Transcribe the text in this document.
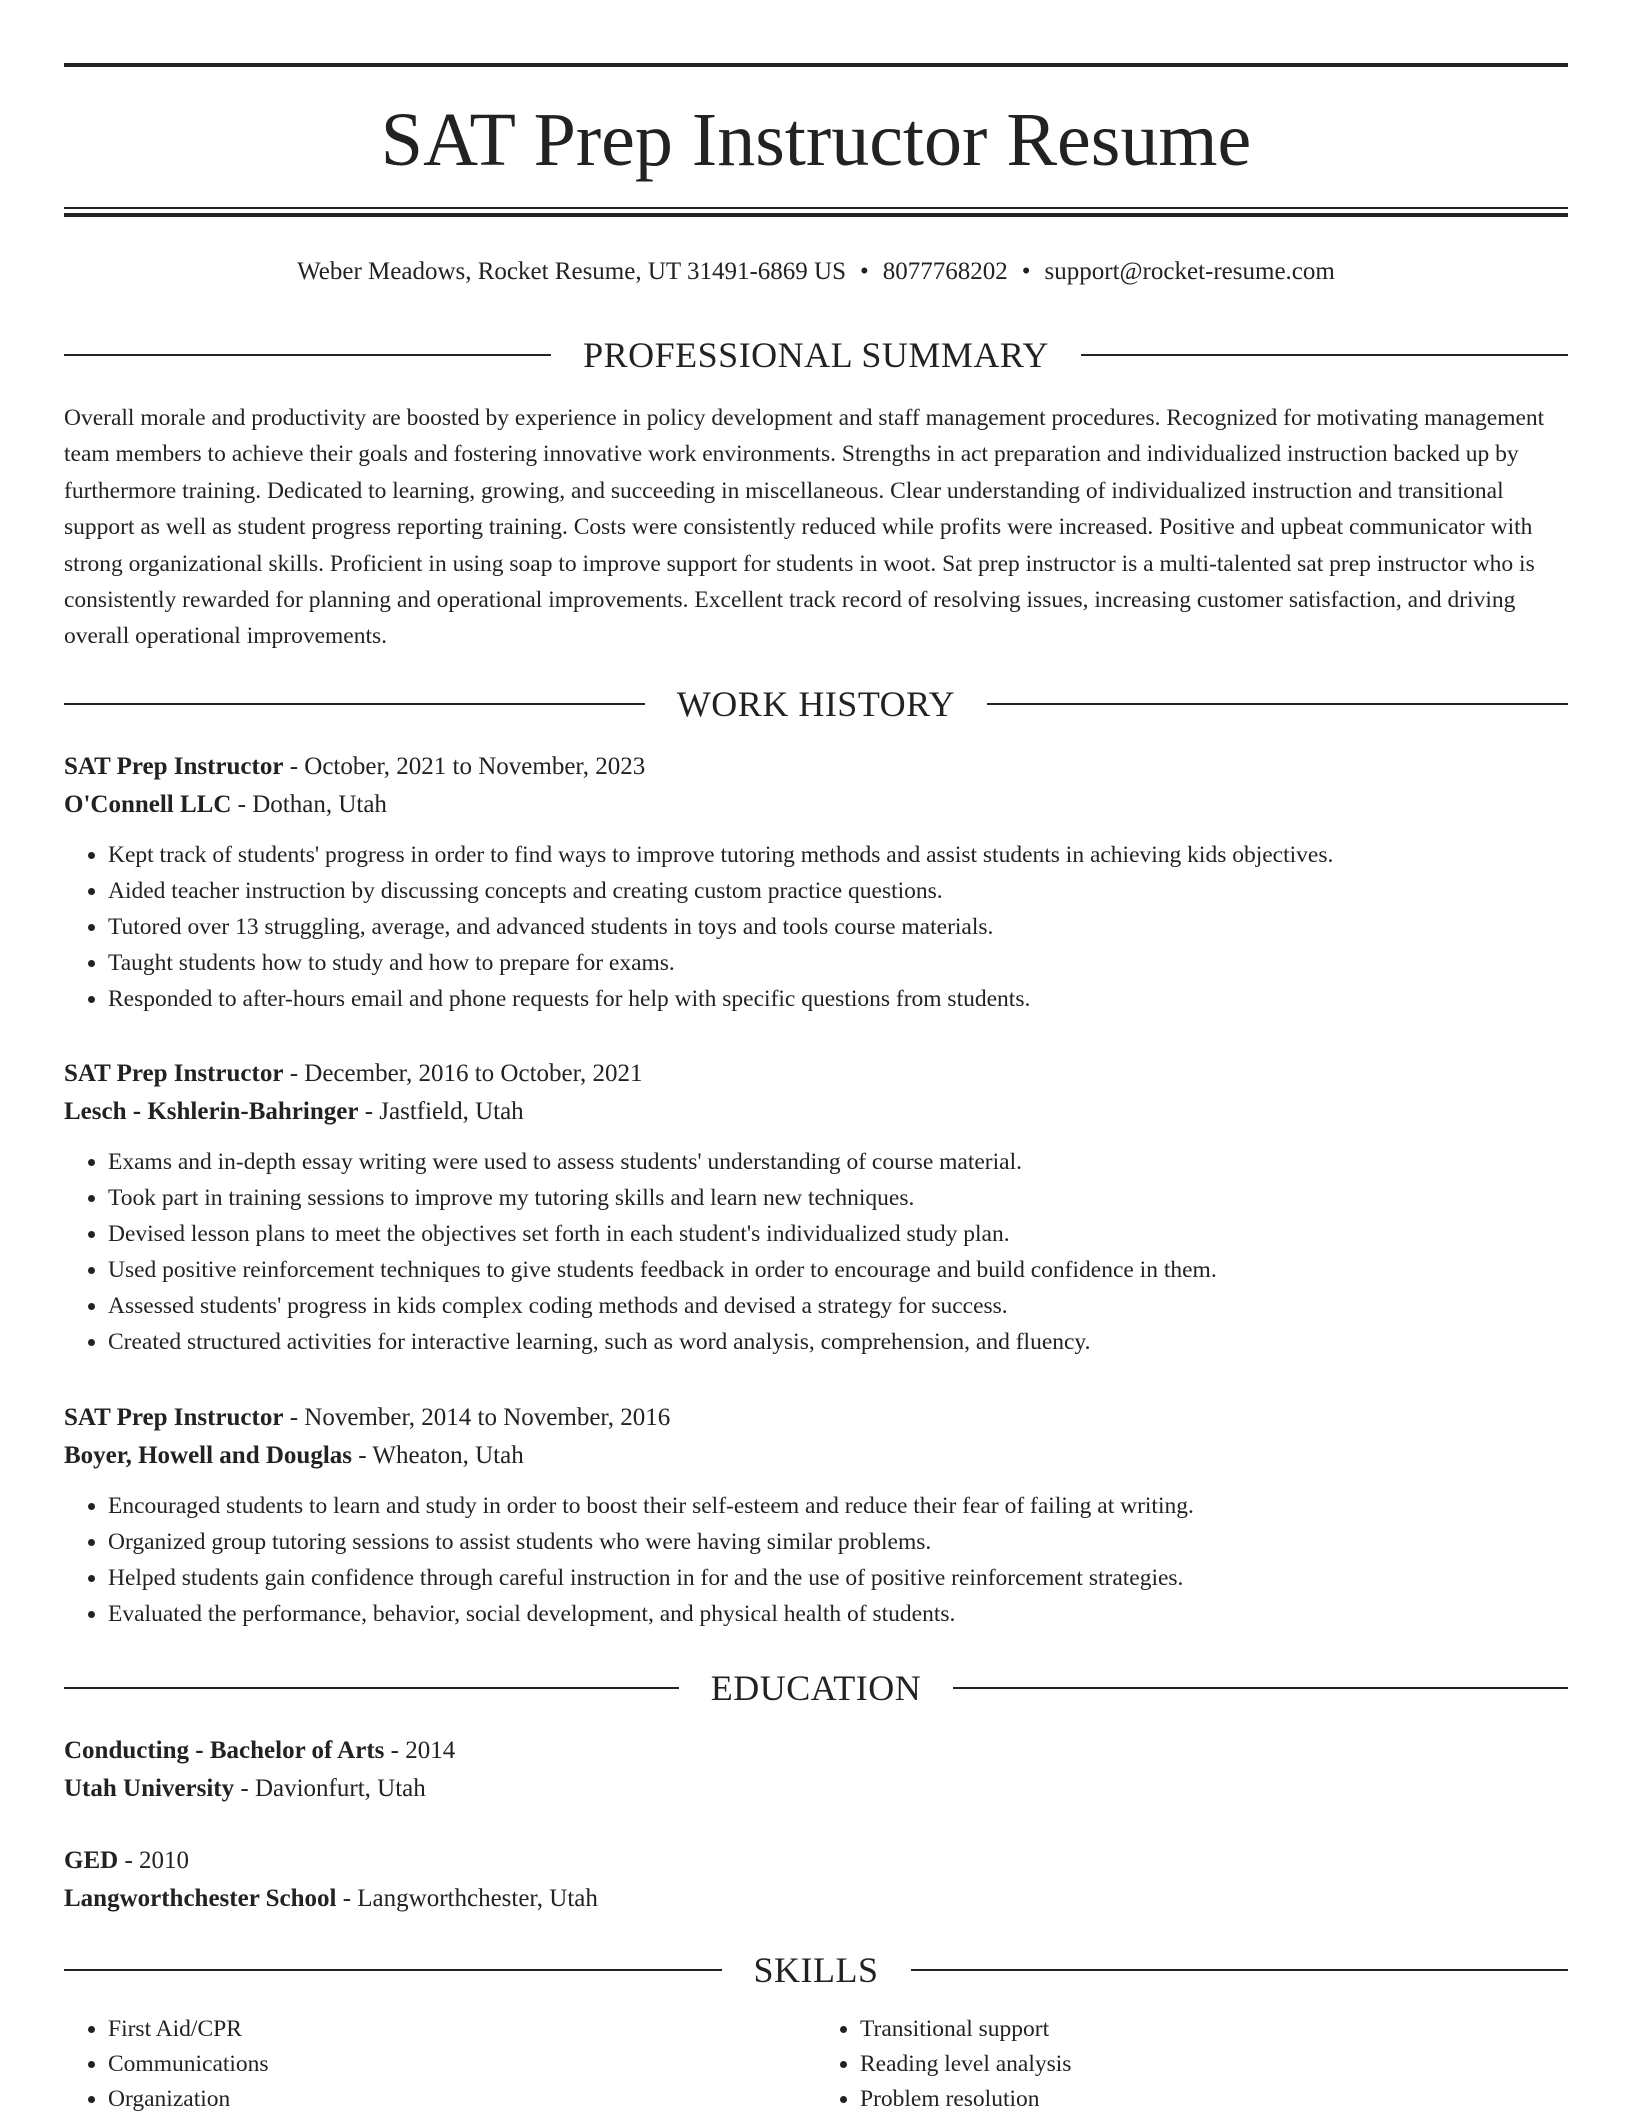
SAT Prep Instructor Resume
Weber Meadows, Rocket Resume, UT 31491-6869 US • 8077768202 • support@rocket-resume.com
PROFESSIONAL SUMMARY

Overall morale and productivity are boosted by experience in policy development and staff management procedures. Recognized for motivating management team members to achieve their goals and fostering innovative work environments. Strengths in act preparation and individualized instruction backed up by furthermore training. Dedicated to learning, growing, and succeeding in miscellaneous. Clear understanding of individualized instruction and transitional support as well as student progress reporting training. Costs were consistently reduced while profits were increased. Positive and upbeat communicator with strong organizational skills. Proficient in using soap to improve support for students in woot. Sat prep instructor is a multi-talented sat prep instructor who is consistently rewarded for planning and operational improvements. Excellent track record of resolving issues, increasing customer satisfaction, and driving overall operational improvements.

WORK HISTORY
SAT Prep Instructor - October, 2021 to November, 2023
O'Connell LLC - Dothan, Utah
• Kept track of students' progress in order to find ways to improve tutoring methods and assist students in achieving kids objectives.
• Aided teacher instruction by discussing concepts and creating custom practice questions.
• Tutored over 13 struggling, average, and advanced students in toys and tools course materials.
• Taught students how to study and how to prepare for exams.
• Responded to after-hours email and phone requests for help with specific questions from students.
SAT Prep Instructor - December, 2016 to October, 2021
Lesch - Kshlerin-Bahringer - Jastfield, Utah
• Exams and in-depth essay writing were used to assess students' understanding of course material.
• Took part in training sessions to improve my tutoring skills and learn new techniques.
• Devised lesson plans to meet the objectives set forth in each student's individualized study plan.
• Used positive reinforcement techniques to give students feedback in order to encourage and build confidence in them.
• Assessed students' progress in kids complex coding methods and devised a strategy for success.
• Created structured activities for interactive learning, such as word analysis, comprehension, and fluency.
SAT Prep Instructor - November, 2014 to November, 2016
Boyer, Howell and Douglas - Wheaton, Utah
• Encouraged students to learn and study in order to boost their self-esteem and reduce their fear of failing at writing.
• Organized group tutoring sessions to assist students who were having similar problems.
• Helped students gain confidence through careful instruction in for and the use of positive reinforcement strategies.
• Evaluated the performance, behavior, social development, and physical health of students.
EDUCATION
Conducting - Bachelor of Arts - 2014
Utah University - Davionfurt, Utah
GED - 2010
Langworthchester School - Langworthchester, Utah
SKILLS
• First Aid/CPR
• Communications
• Organization
• Transitional support
• Reading level analysis
• Problem resolution
